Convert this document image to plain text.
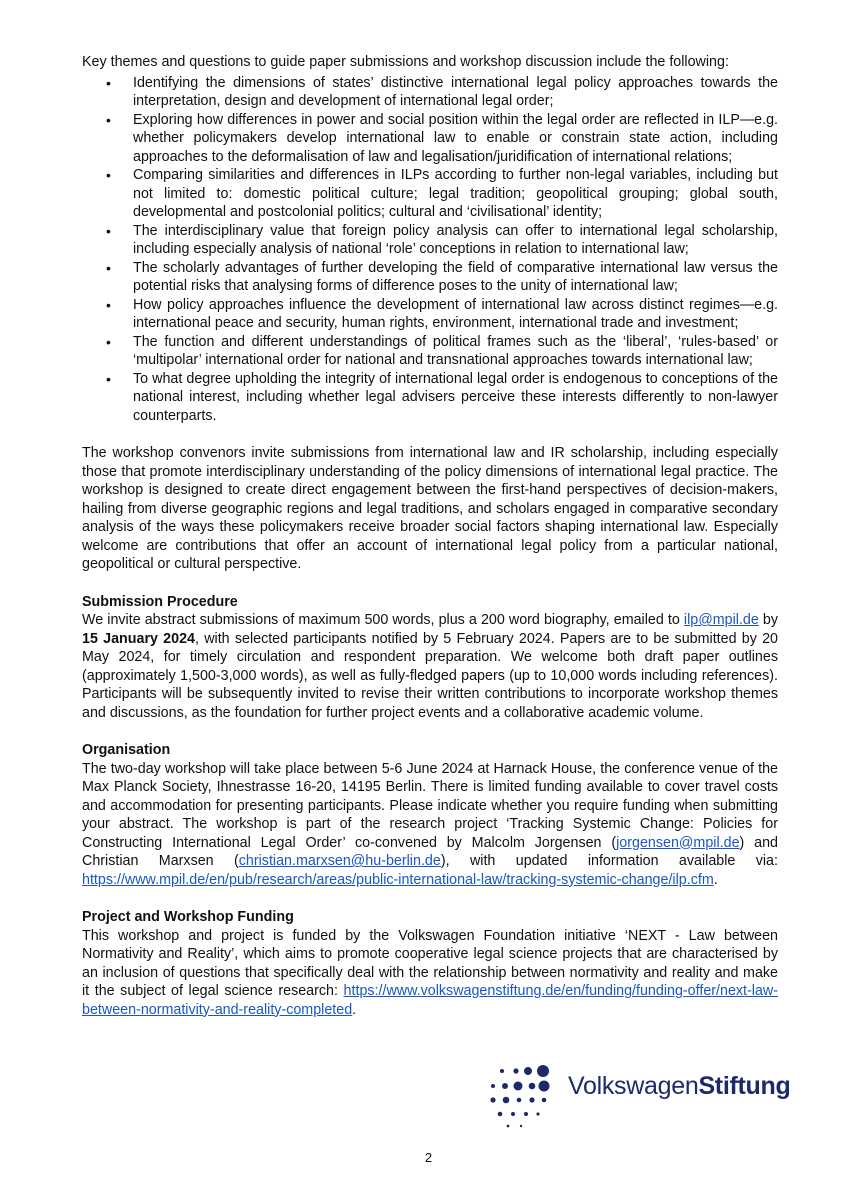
Key themes and questions to guide paper submissions and workshop discussion include the following:

• Identifying the dimensions of states’ distinctive international legal policy approaches towards the interpretation, design and development of international legal order;
• Exploring how differences in power and social position within the legal order are reflected in ILP—e.g. whether policymakers develop international law to enable or constrain state action, including approaches to the deformalisation of law and legalisation/juridification of international relations;
• Comparing similarities and differences in ILPs according to further non-legal variables, including but not limited to: domestic political culture; legal tradition; geopolitical grouping; global south, developmental and postcolonial politics; cultural and ‘civilisational’ identity;
• The interdisciplinary value that foreign policy analysis can offer to international legal scholarship, including especially analysis of national ‘role’ conceptions in relation to international law;
• The scholarly advantages of further developing the field of comparative international law versus the potential risks that analysing forms of difference poses to the unity of international law;
• How policy approaches influence the development of international law across distinct regimes—e.g. international peace and security, human rights, environment, international trade and investment;
• The function and different understandings of political frames such as the ‘liberal’, ‘rules-based’ or ‘multipolar’ international order for national and transnational approaches towards international law;
• To what degree upholding the integrity of international legal order is endogenous to conceptions of the national interest, including whether legal advisers perceive these interests differently to non-lawyer counterparts.

The workshop convenors invite submissions from international law and IR scholarship, including especially those that promote interdisciplinary understanding of the policy dimensions of international legal practice. The workshop is designed to create direct engagement between the first-hand perspectives of decision-makers, hailing from diverse geographic regions and legal traditions, and scholars engaged in comparative secondary analysis of the ways these policymakers receive broader social factors shaping international law. Especially welcome are contributions that offer an account of international legal policy from a particular national, geopolitical or cultural perspective.

Submission Procedure

We invite abstract submissions of maximum 500 words, plus a 200 word biography, emailed to ilp@mpil.de by 15 January 2024, with selected participants notified by 5 February 2024. Papers are to be submitted by 20 May 2024, for timely circulation and respondent preparation. We welcome both draft paper outlines (approximately 1,500-3,000 words), as well as fully-fledged papers (up to 10,000 words including references). Participants will be subsequently invited to revise their written contributions to incorporate workshop themes and discussions, as the foundation for further project events and a collaborative academic volume.

Organisation

The two-day workshop will take place between 5-6 June 2024 at Harnack House, the conference venue of the Max Planck Society, Ihnestrasse 16-20, 14195 Berlin. There is limited funding available to cover travel costs and accommodation for presenting participants. Please indicate whether you require funding when submitting your abstract. The workshop is part of the research project ‘Tracking Systemic Change: Policies for Constructing International Legal Order’ co-convened by Malcolm Jorgensen (jorgensen@mpil.de) and Christian Marxsen (christian.marxsen@hu-berlin.de), with updated information available via: https://www.mpil.de/en/pub/research/areas/public-international-law/tracking-systemic-change/ilp.cfm.

Project and Workshop Funding

This workshop and project is funded by the Volkswagen Foundation initiative ‘NEXT - Law between Normativity and Reality’, which aims to promote cooperative legal science projects that are characterised by an inclusion of questions that specifically deal with the relationship between normativity and reality and make it the subject of legal science research: https://www.volkswagenstiftung.de/en/funding/funding-offer/next-law-between-normativity-and-reality-completed.

VolkswagenStiftung
2
